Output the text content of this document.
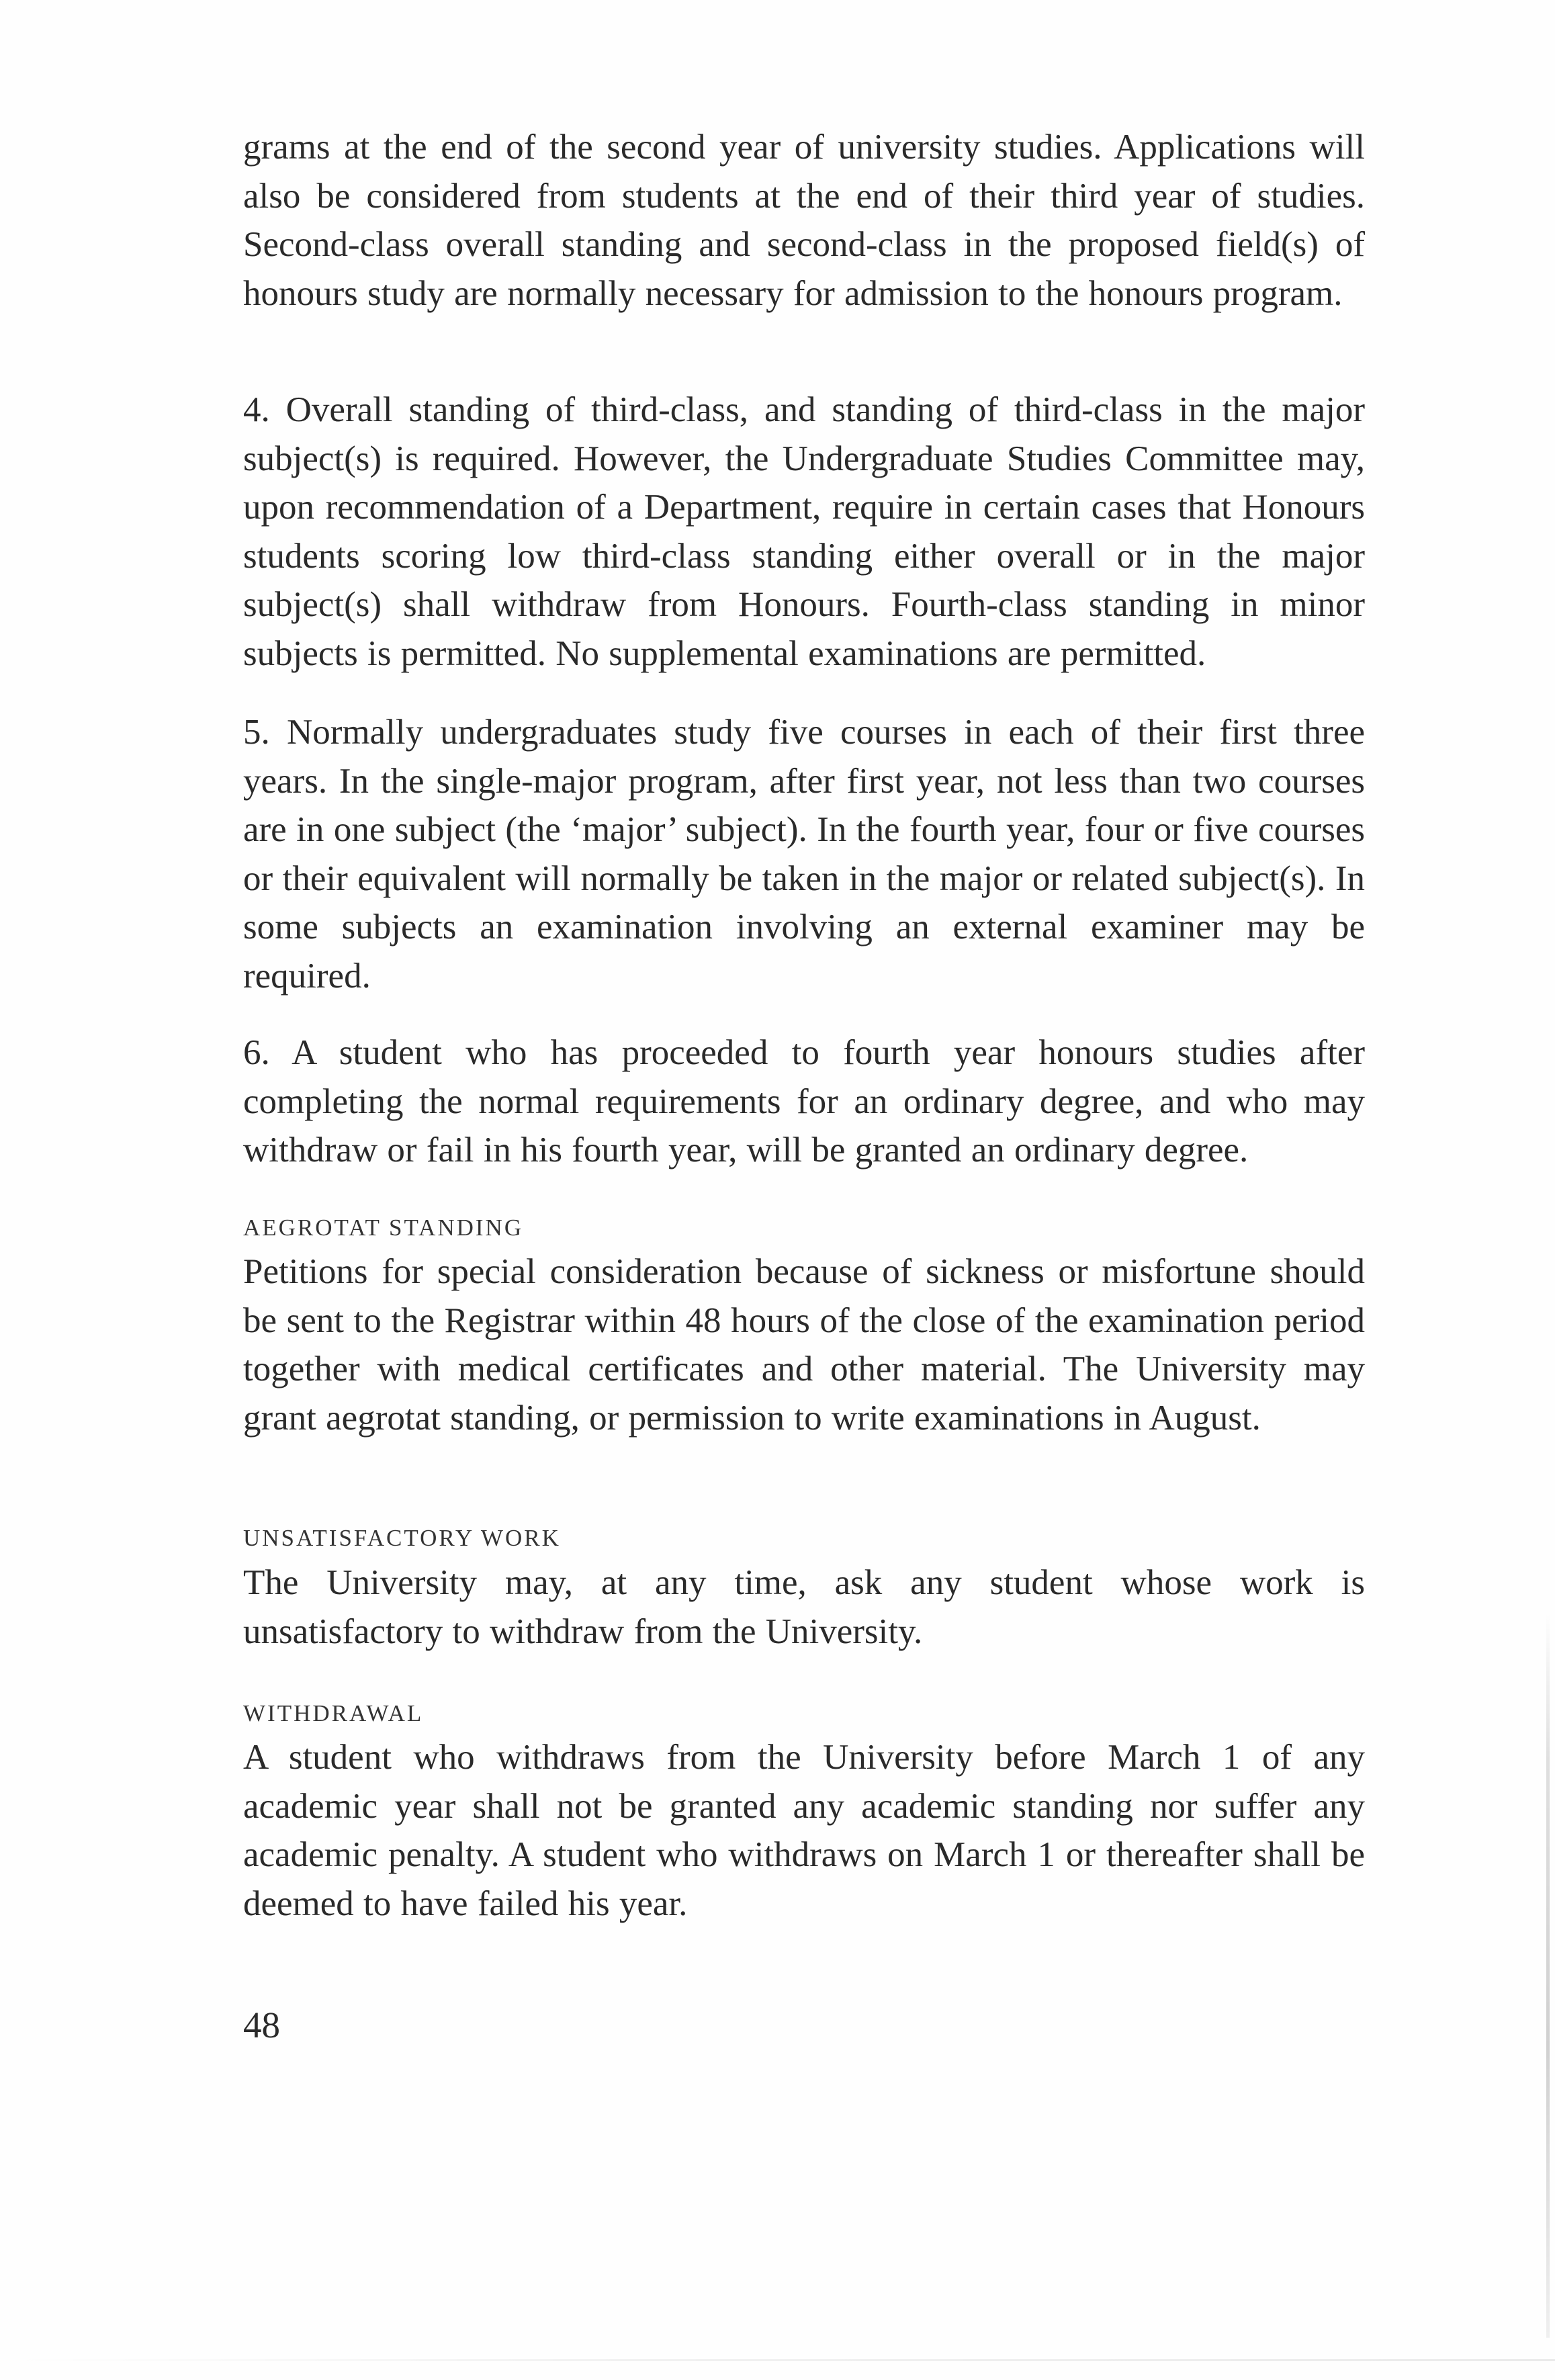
grams at the end of the second year of university studies. Applications will also be considered from students at the end of their third year of studies. Second-class overall standing and second-class in the proposed field(s) of honours study are normally necessary for admission to the honours program.

4. Overall standing of third-class, and standing of third-class in the major subject(s) is required. However, the Undergraduate Studies Committee may, upon recommendation of a Department, require in certain cases that Honours students scoring low third-class standing either overall or in the major subject(s) shall withdraw from Honours. Fourth-class standing in minor subjects is permitted. No supplemental examinations are permitted.

5. Normally undergraduates study five courses in each of their first three years. In the single-major program, after first year, not less than two courses are in one subject (the ‘major’ subject). In the fourth year, four or five courses or their equivalent will normally be taken in the major or related subject(s). In some subjects an examination involving an external examiner may be required.

6. A student who has proceeded to fourth year honours studies after completing the normal requirements for an ordinary degree, and who may withdraw or fail in his fourth year, will be granted an ordinary degree.

AEGROTAT STANDING

Petitions for special consideration because of sickness or misfortune should be sent to the Registrar within 48 hours of the close of the examination period together with medical certificates and other material. The University may grant aegrotat standing, or permission to write examinations in August.

UNSATISFACTORY WORK

The University may, at any time, ask any student whose work is unsatisfactory to withdraw from the University.

WITHDRAWAL

A student who withdraws from the University before March 1 of any academic year shall not be granted any academic standing nor suffer any academic penalty. A student who withdraws on March 1 or thereafter shall be deemed to have failed his year.

48
